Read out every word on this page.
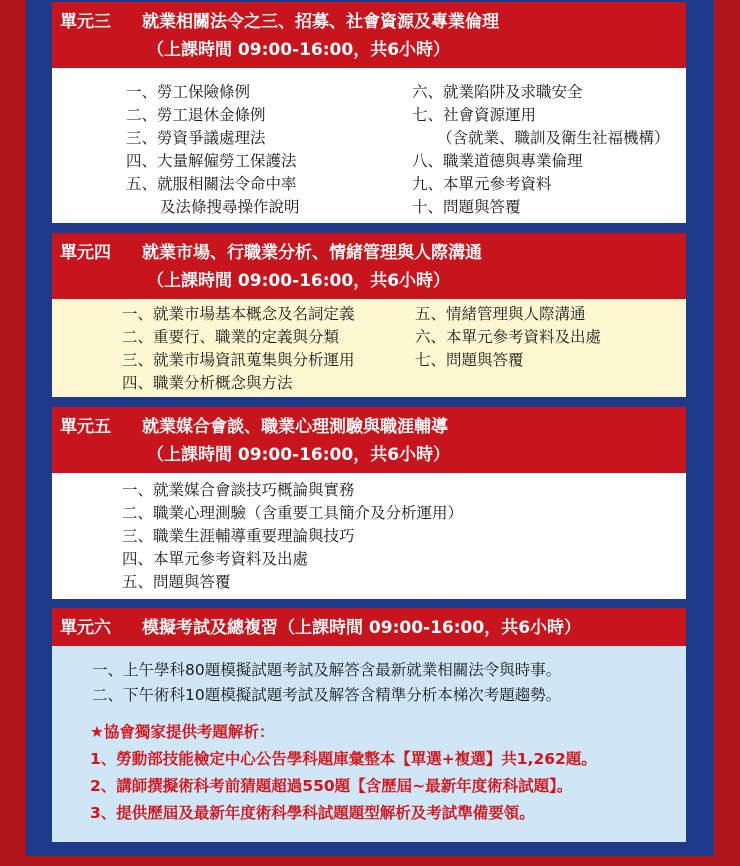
單元三 就業相關法令之三、招募、社會資源及專業倫理
（上課時間 09:00-16:00，共6小時）
一、勞工保險條例
二、勞工退休金條例
三、勞資爭議處理法
四、大量解僱勞工保護法
五、就服相關法令命中率
及法條搜尋操作說明
六、就業陷阱及求職安全
七、社會資源運用
（含就業、職訓及衛生社福機構）
八、職業道德與專業倫理
九、本單元參考資料
十、問題與答覆
單元四 就業市場、行職業分析、情緒管理與人際溝通
（上課時間 09:00-16:00，共6小時）
一、就業市場基本概念及名詞定義
二、重要行、職業的定義與分類
三、就業市場資訊蒐集與分析運用
四、職業分析概念與方法
五、情緒管理與人際溝通
六、本單元參考資料及出處
七、問題與答覆
單元五 就業媒合會談、職業心理測驗與職涯輔導
（上課時間 09:00-16:00，共6小時）
一、就業媒合會談技巧概論與實務
二、職業心理測驗（含重要工具簡介及分析運用）
三、職業生涯輔導重要理論與技巧
四、本單元參考資料及出處
五、問題與答覆
單元六 模擬考試及總複習（上課時間 09:00-16:00，共6小時）
一、上午學科80題模擬試題考試及解答含最新就業相關法令與時事。
二、下午術科10題模擬試題考試及解答含精準分析本梯次考題趨勢。
★協會獨家提供考題解析：
1、勞動部技能檢定中心公告學科題庫彙整本【單選+複選】共1,262題。
2、講師撰擬術科考前猜題超過550題【含歷屆~最新年度術科試題】。
3、提供歷屆及最新年度術科學科試題題型解析及考試準備要領。
